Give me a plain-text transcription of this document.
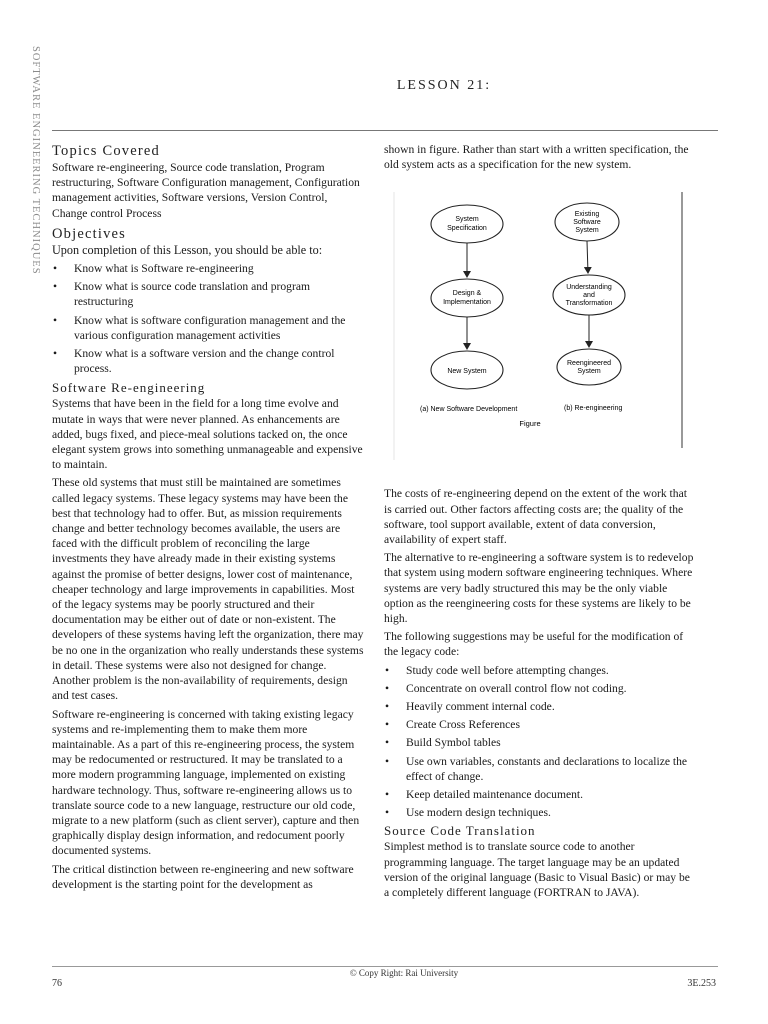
SOFTWARE ENGINEERING TECHNIQUES	LESSON 21:
Topics Covered

Software re-engineering, Source code translation, Program restructuring, Software Configuration management, Configuration management activities, Software versions, Version Control, Change control Process

Objectives

Upon completion of this Lesson, you should be able to:

• Know what is Software re-engineering
• Know what is source code translation and program restructuring
• Know what is software configuration management and the various configuration management activities
• Know what is a software version and the change control process.
Software Re-engineering

Systems that have been in the field for a long time evolve and mutate in ways that were never planned. As enhancements are added, bugs fixed, and piece-meal solutions tacked on, the once elegant system grows into something unmanageable and expensive to maintain.

These old systems that must still be maintained are sometimes called legacy systems. These legacy systems may have been the best that technology had to offer. But, as mission requirements change and better technology becomes available, the users are faced with the difficult problem of reconciling the large investments they have already made in their existing systems against the promise of better designs, lower cost of maintenance, cheaper technology and large improvements in capabilities. Most of the legacy systems may be poorly structured and their documentation may be either out of date or non-existent. The developers of these systems having left the organization, there may be no one in the organization who really understands these systems in detail. These systems were also not designed for change. Another problem is the non-availability of requirements, design and test cases.

Software re-engineering is concerned with taking existing legacy systems and re-implementing them to make them more maintainable. As a part of this re-engineering process, the system may be redocumented or restructured. It may be translated to a more modern programming language, implemented on existing hardware technology. Thus, software re-engineering allows us to translate source code to a new language, restructure our old code, migrate to a new platform (such as client server), capture and then graphically display design information, and redocument poorly documented systems.

The critical distinction between re-engineering and new software development is the starting point for the development as

shown in figure. Rather than start with a written specification, the old system acts as a specification for the new system.

System
Specification
Design &
Implementation
New System
Existing
Software
System
Understanding
and
Transformation
Reengineered
System
(a) New Software Development	(b) Re-engineering
Figure

The costs of re-engineering depend on the extent of the work that is carried out. Other factors affecting costs are; the quality of the software, tool support available, extent of data conversion, availability of expert staff.

The alternative to re-engineering a software system is to redevelop that system using modern software engineering techniques. Where systems are very badly structured this may be the only viable option as the reengineering costs for these systems are likely to be high.

The following suggestions may be useful for the modification of the legacy code:

• Study code well before attempting changes.
• Concentrate on overall control flow not coding.
• Heavily comment internal code.
• Create Cross References
• Build Symbol tables
• Use own variables, constants and declarations to localize the effect of change.
• Keep detailed maintenance document.
• Use modern design techniques.
Source Code Translation

Simplest method is to translate source code to another programming language. The target language may be an updated version of the original language (Basic to Visual Basic) or may be a completely different language (FORTRAN to JAVA).

© Copy Right: Rai University
76	3E.253
